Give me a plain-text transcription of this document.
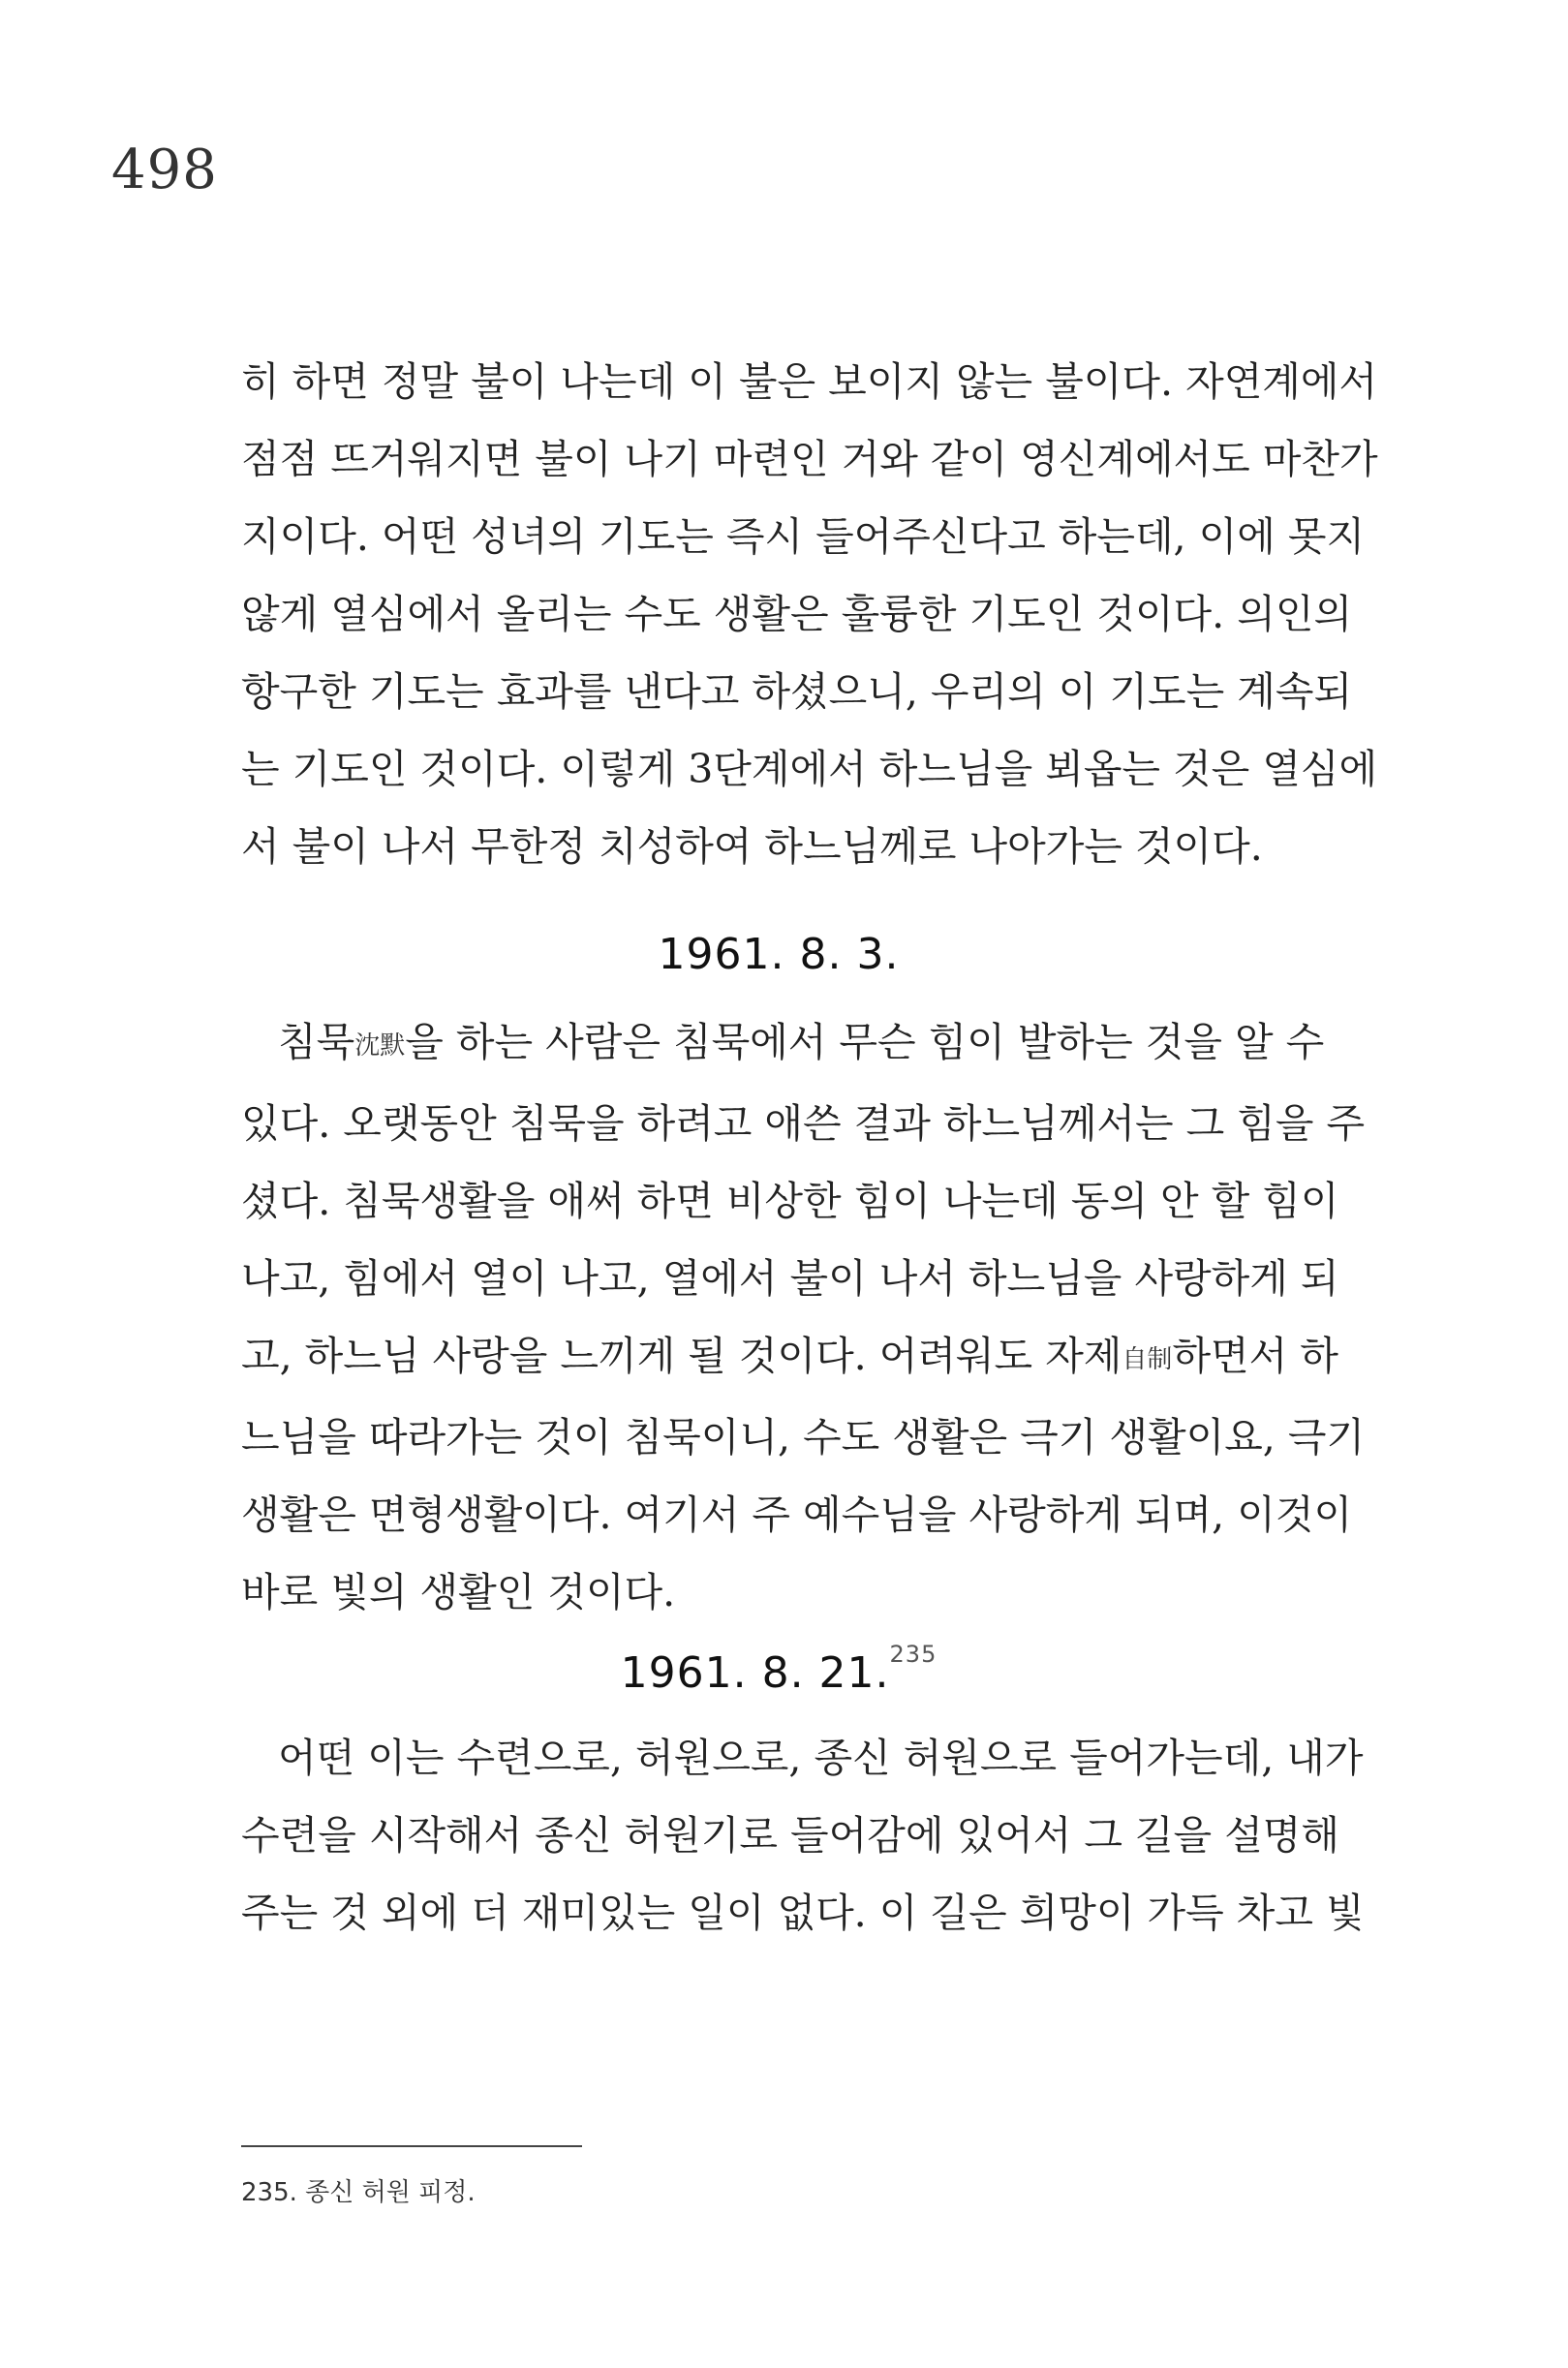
498
히 하면 정말 불이 나는데 이 불은 보이지 않는 불이다. 자연계에서
점점 뜨거워지면 불이 나기 마련인 거와 같이 영신계에서도 마찬가
지이다. 어떤 성녀의 기도는 즉시 들어주신다고 하는데, 이에 못지
않게 열심에서 올리는 수도 생활은 훌륭한 기도인 것이다. 의인의
항구한 기도는 효과를 낸다고 하셨으니, 우리의 이 기도는 계속되
는 기도인 것이다. 이렇게 3단계에서 하느님을 뵈옵는 것은 열심에
서 불이 나서 무한정 치성하여 하느님께로 나아가는 것이다.
1961. 8. 3.
침묵沈默을 하는 사람은 침묵에서 무슨 힘이 발하는 것을 알 수
있다. 오랫동안 침묵을 하려고 애쓴 결과 하느님께서는 그 힘을 주
셨다. 침묵생활을 애써 하면 비상한 힘이 나는데 동의 안 할 힘이
나고, 힘에서 열이 나고, 열에서 불이 나서 하느님을 사랑하게 되
고, 하느님 사랑을 느끼게 될 것이다. 어려워도 자제自制하면서 하
느님을 따라가는 것이 침묵이니, 수도 생활은 극기 생활이요, 극기
생활은 면형생활이다. 여기서 주 예수님을 사랑하게 되며, 이것이
바로 빛의 생활인 것이다.
1961. 8. 21.$^{235}$
어떤 이는 수련으로, 허원으로, 종신 허원으로 들어가는데, 내가
수련을 시작해서 종신 허원기로 들어감에 있어서 그 길을 설명해
주는 것 외에 더 재미있는 일이 없다. 이 길은 희망이 가득 차고 빛
235. 종신 허원 피정.
